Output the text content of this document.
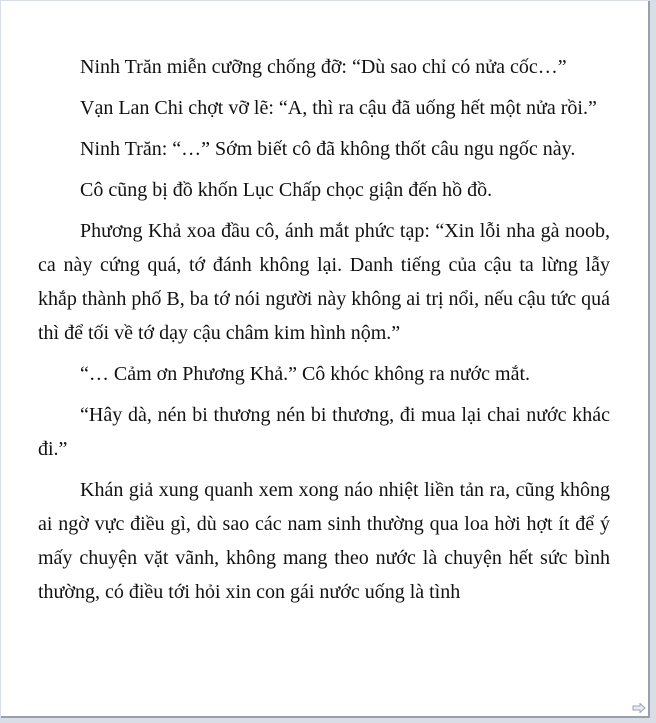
Ninh Trăn miễn cưỡng chống đỡ: “Dù sao chỉ có nửa cốc…”

Vạn Lan Chi chợt vỡ lẽ: “A, thì ra cậu đã uống hết một nửa rồi.”

Ninh Trăn: “…” Sớm biết cô đã không thốt câu ngu ngốc này.

Cô cũng bị đồ khốn Lục Chấp chọc giận đến hồ đồ.

Phương Khả xoa đầu cô, ánh mắt phức tạp: “Xin lỗi nha gà noob, ca này cứng quá, tớ đánh không lại. Danh tiếng của cậu ta lừng lẫy khắp thành phố B, ba tớ nói người này không ai trị nổi, nếu cậu tức quá thì để tối về tớ dạy cậu châm kim hình nộm.”

“… Cảm ơn Phương Khả.” Cô khóc không ra nước mắt.

“Hây dà, nén bi thương nén bi thương, đi mua lại chai nước khác đi.”

Khán giả xung quanh xem xong náo nhiệt liền tản ra, cũng không ai ngờ vực điều gì, dù sao các nam sinh thường qua loa hời hợt ít để ý mấy chuyện vặt vãnh, không mang theo nước là chuyện hết sức bình thường, có điều tới hỏi xin con gái nước uống là tình
